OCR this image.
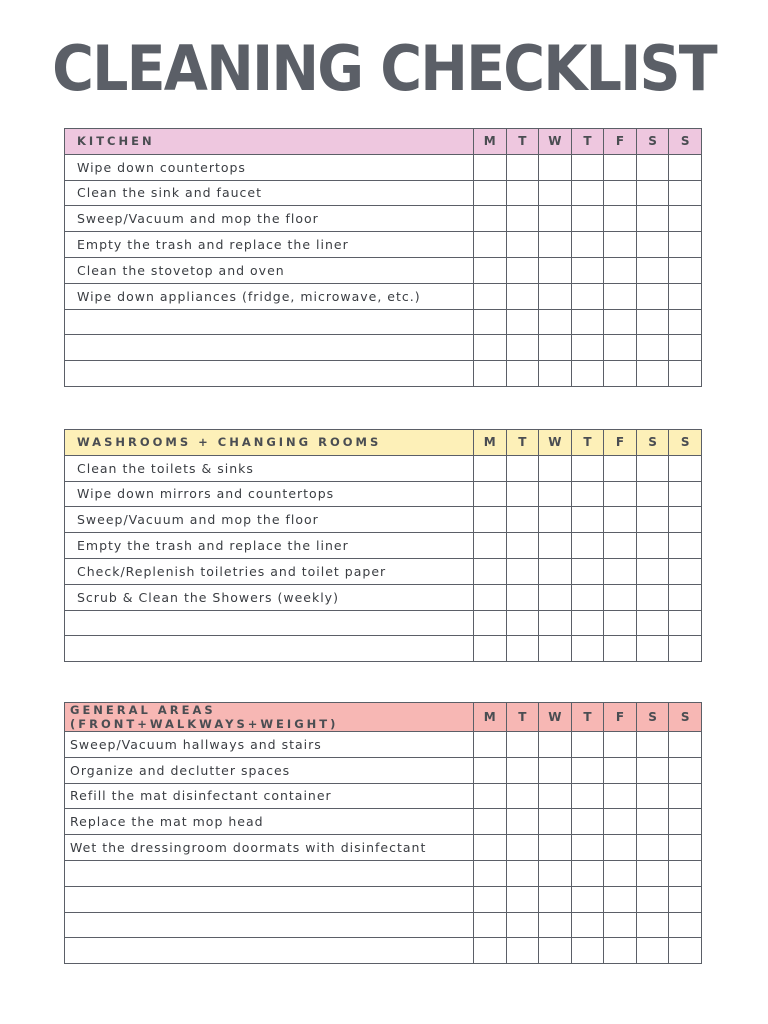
CLEANING CHECKLIST
KITCHEN	M	T	W	T	F	S	S
Wipe down countertops							
Clean the sink and faucet							
Sweep/Vacuum and mop the floor							
Empty the trash and replace the liner							
Clean the stovetop and oven							
Wipe down appliances (fridge, microwave, etc.)							

WASHROOMS + CHANGING ROOMS	M	T	W	T	F	S	S
Clean the toilets & sinks							
Wipe down mirrors and countertops							
Sweep/Vacuum and mop the floor							
Empty the trash and replace the liner							
Check/Replenish toiletries and toilet paper							
Scrub & Clean the Showers (weekly)							

GENERAL AREAS (FRONT+WALKWAYS+WEIGHT)	M	T	W	T	F	S	S
Sweep/Vacuum hallways and stairs							
Organize and declutter spaces							
Refill the mat disinfectant container							
Replace the mat mop head							
Wet the dressingroom doormats with disinfectant							
